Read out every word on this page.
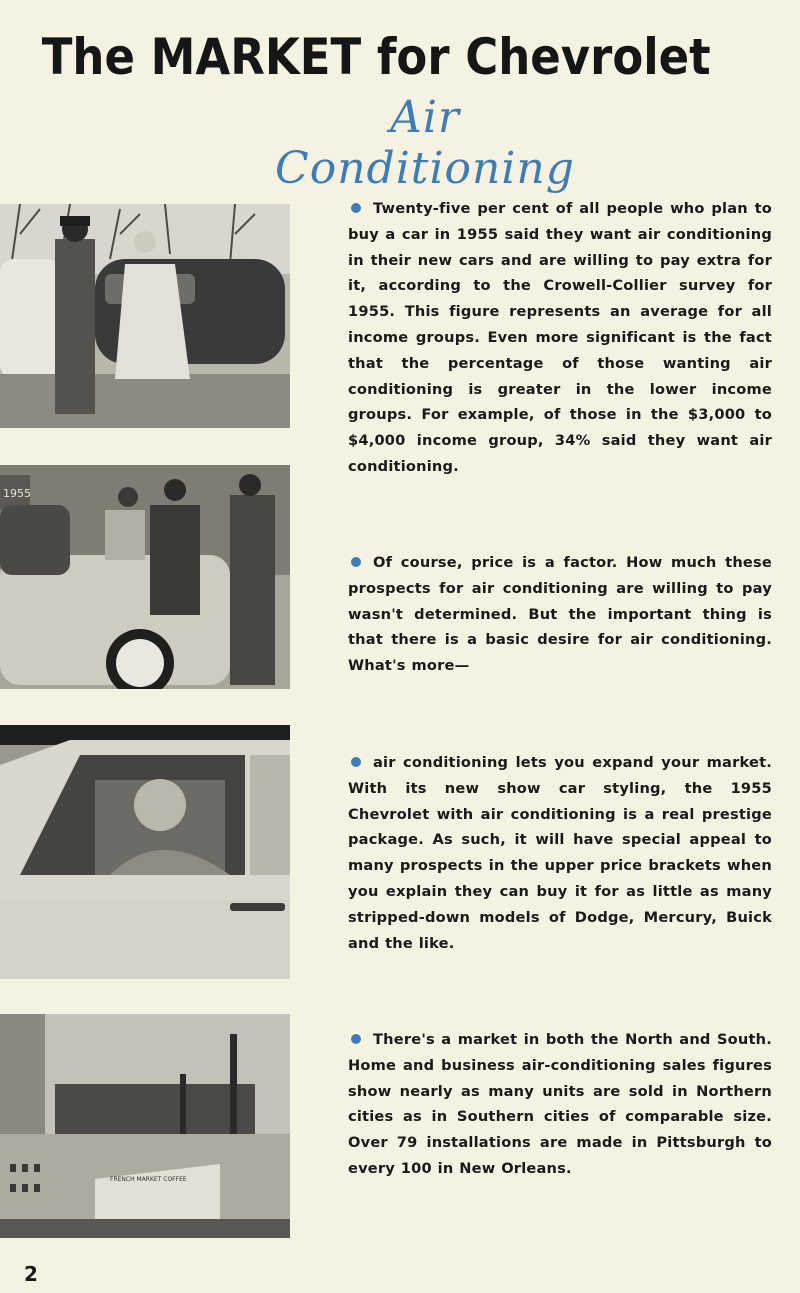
The MARKET for Chevrolet
Air Conditioning
1955
FRENCH MARKET COFFEE
Twenty-five per cent of all people who plan to buy a car in 1955 said they want air conditioning in their new cars and are willing to pay extra for it, according to the Crowell-Collier survey for 1955. This figure represents an average for all income groups. Even more significant is the fact that the percentage of those wanting air conditioning is greater in the lower income groups. For example, of those in the $3,000 to $4,000 income group, 34% said they want air conditioning.
Of course, price is a factor. How much these prospects for air conditioning are willing to pay wasn't determined. But the important thing is that there is a basic desire for air conditioning. What's more—
air conditioning lets you expand your market. With its new show car styling, the 1955 Chevrolet with air conditioning is a real prestige package. As such, it will have special appeal to many prospects in the upper price brackets when you explain they can buy it for as little as many stripped-down models of Dodge, Mercury, Buick and the like.
There's a market in both the North and South. Home and business air-conditioning sales figures show nearly as many units are sold in Northern cities as in Southern cities of comparable size. Over 79 installations are made in Pittsburgh to every 100 in New Orleans.
2
